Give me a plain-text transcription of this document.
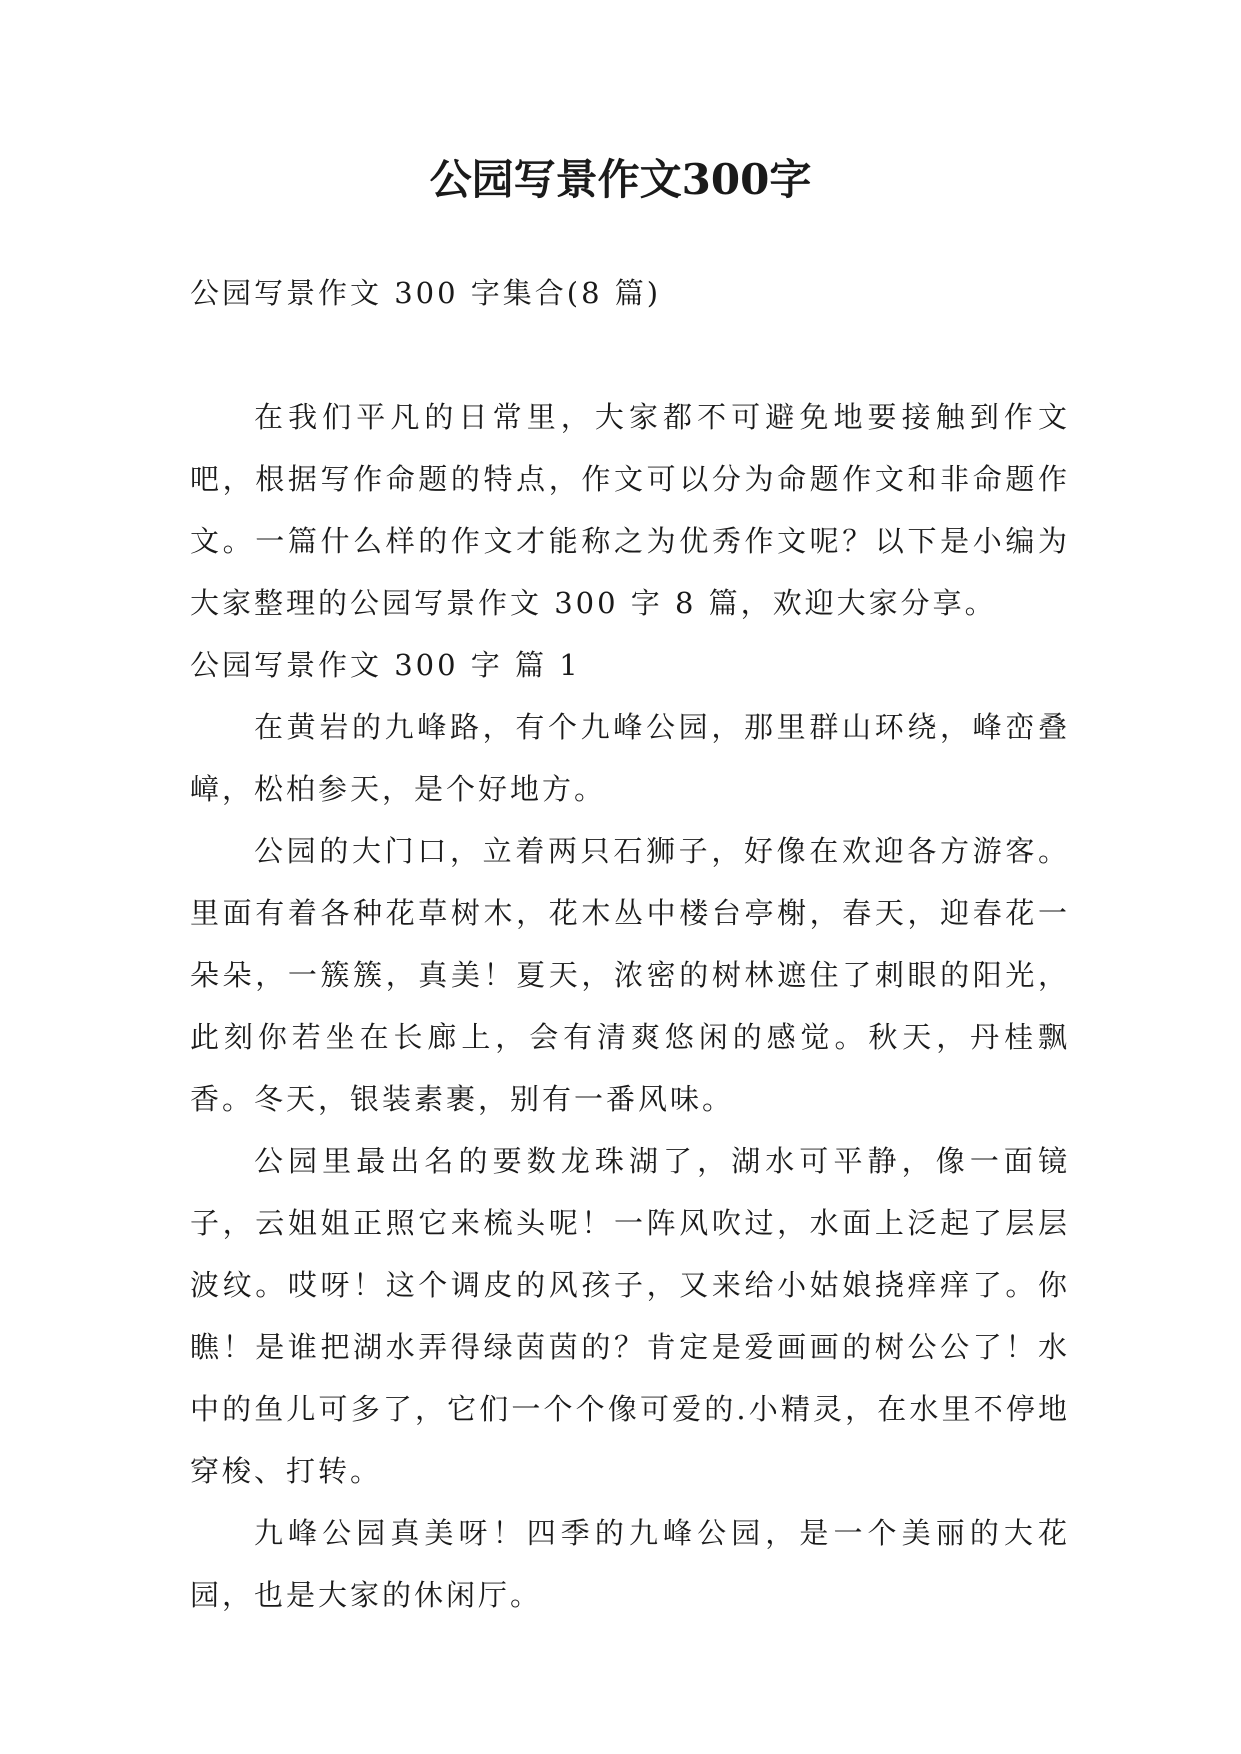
公园写景作文300字

公园写景作文 300 字集合(8 篇)

在我们平凡的日常里，大家都不可避免地要接触到作文吧，根据写作命题的特点，作文可以分为命题作文和非命题作文。一篇什么样的作文才能称之为优秀作文呢？以下是小编为大家整理的公园写景作文 300 字 8 篇，欢迎大家分享。

公园写景作文 300 字 篇 1

在黄岩的九峰路，有个九峰公园，那里群山环绕，峰峦叠嶂，松柏参天，是个好地方。

公园的大门口，立着两只石狮子，好像在欢迎各方游客。里面有着各种花草树木，花木丛中楼台亭榭，春天，迎春花一朵朵，一簇簇，真美！夏天，浓密的树林遮住了刺眼的阳光，此刻你若坐在长廊上，会有清爽悠闲的感觉。秋天，丹桂飘香。冬天，银装素裹，别有一番风味。

公园里最出名的要数龙珠湖了，湖水可平静，像一面镜子，云姐姐正照它来梳头呢！一阵风吹过，水面上泛起了层层波纹。哎呀！这个调皮的风孩子，又来给小姑娘挠痒痒了。你瞧！是谁把湖水弄得绿茵茵的？肯定是爱画画的树公公了！水中的鱼儿可多了，它们一个个像可爱的.小精灵，在水里不停地穿梭、打转。

九峰公园真美呀！四季的九峰公园，是一个美丽的大花园，也是大家的休闲厅。
